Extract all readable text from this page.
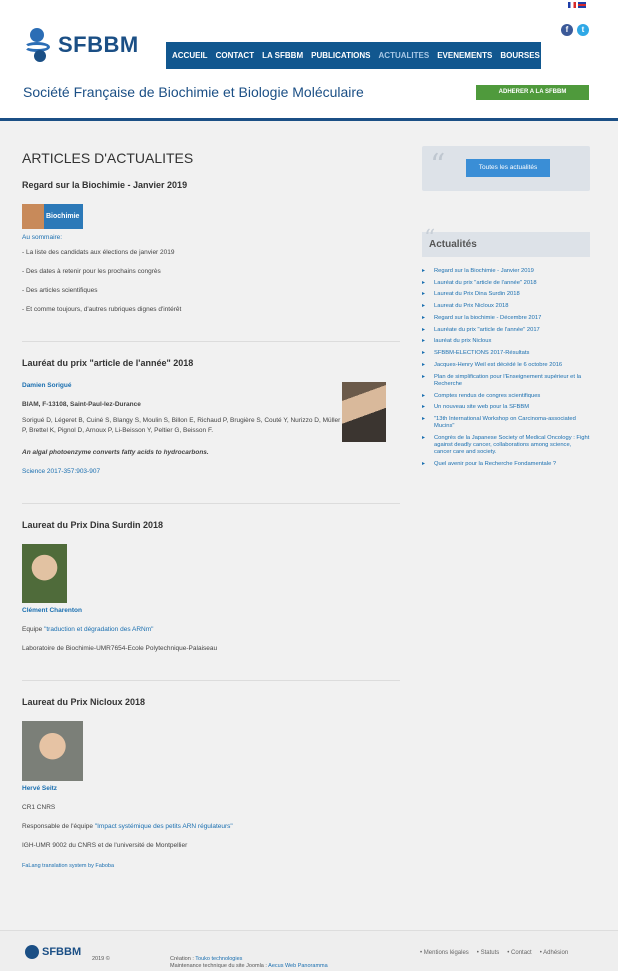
f	t
SFBBM	ACCUEIL CONTACT LA SFBBM PUBLICATIONS ACTUALITES EVENEMENTS BOURSES / PRIX
Société Française de Biochimie et Biologie Moléculaire	ADHERER A LA SFBBM
ARTICLES D'ACTUALITES
Regard sur la Biochimie - Janvier 2019
Biochimie
Au sommaire:
- La liste des candidats aux élections de janvier 2019
- Des dates à retenir pour les prochains congrès
- Des articles scientifiques
- Et comme toujours, d'autres rubriques dignes d'intérêt
Lauréat du prix "article de l'année" 2018
Damien Sorigué
BIAM, F-13108, Saint-Paul-lez-Durance
Sorigué D, Légeret B, Cuiné S, Blangy S, Moulin S, Billon E, Richaud P, Brugière S, Couté Y, Nurizzo D, Müller P, Brettel K, Pignol D, Arnoux P, Li-Beisson Y, Peltier G, Beisson F.
An algal photoenzyme converts fatty acids to hydrocarbons.
Science 2017-357:903-907
Laureat du Prix Dina Surdin 2018
Clément Charenton
Equipe "traduction et dégradation des ARNm"
Laboratoire de Biochimie-UMR7654-Ecole Polytechnique-Palaiseau
Laureat du Prix Nicloux 2018
Hervé Seitz
CR1 CNRS
Responsable de l'équipe "Impact systémique des petits ARN régulateurs"
IGH-UMR 9002 du CNRS et de l'université de Montpellier
FaLang translation system by Faboba
“	Toutes les actualités
“
Actualités
▸ Regard sur la Biochimie - Janvier 2019
▸ Lauréat du prix "article de l'année" 2018
▸ Laureat du Prix Dina Surdin 2018
▸ Laureat du Prix Nicloux 2018
▸ Regard sur la biochimie - Décembre 2017
▸ Lauréate du prix "article de l'année" 2017
▸ lauréat du prix Nicloux
▸ SFBBM-ELECTIONS 2017-Résultats
▸ Jacques-Henry Weil est décédé le 6 octobre 2016
▸ Plan de simplification pour l'Enseignement supérieur et la Recherche
▸ Comptes rendus de congres scientifiques
▸ Un nouveau site web pour la SFBBM
▸ "13th International Workshop on Carcinoma-associated Mucins"
▸ Congrès de la Japanese Society of Medical Oncology : Fight against deadly cancer, collaborations among science, cancer care and society.
▸ Quel avenir pour la Recherche Fondamentale ?
SFBBM
2019 ©	Création : Touko technologies
Maintenance technique du site Joomla : Aecus Web Panoramma
• Mentions légales • Statuts • Contact • Adhésion
